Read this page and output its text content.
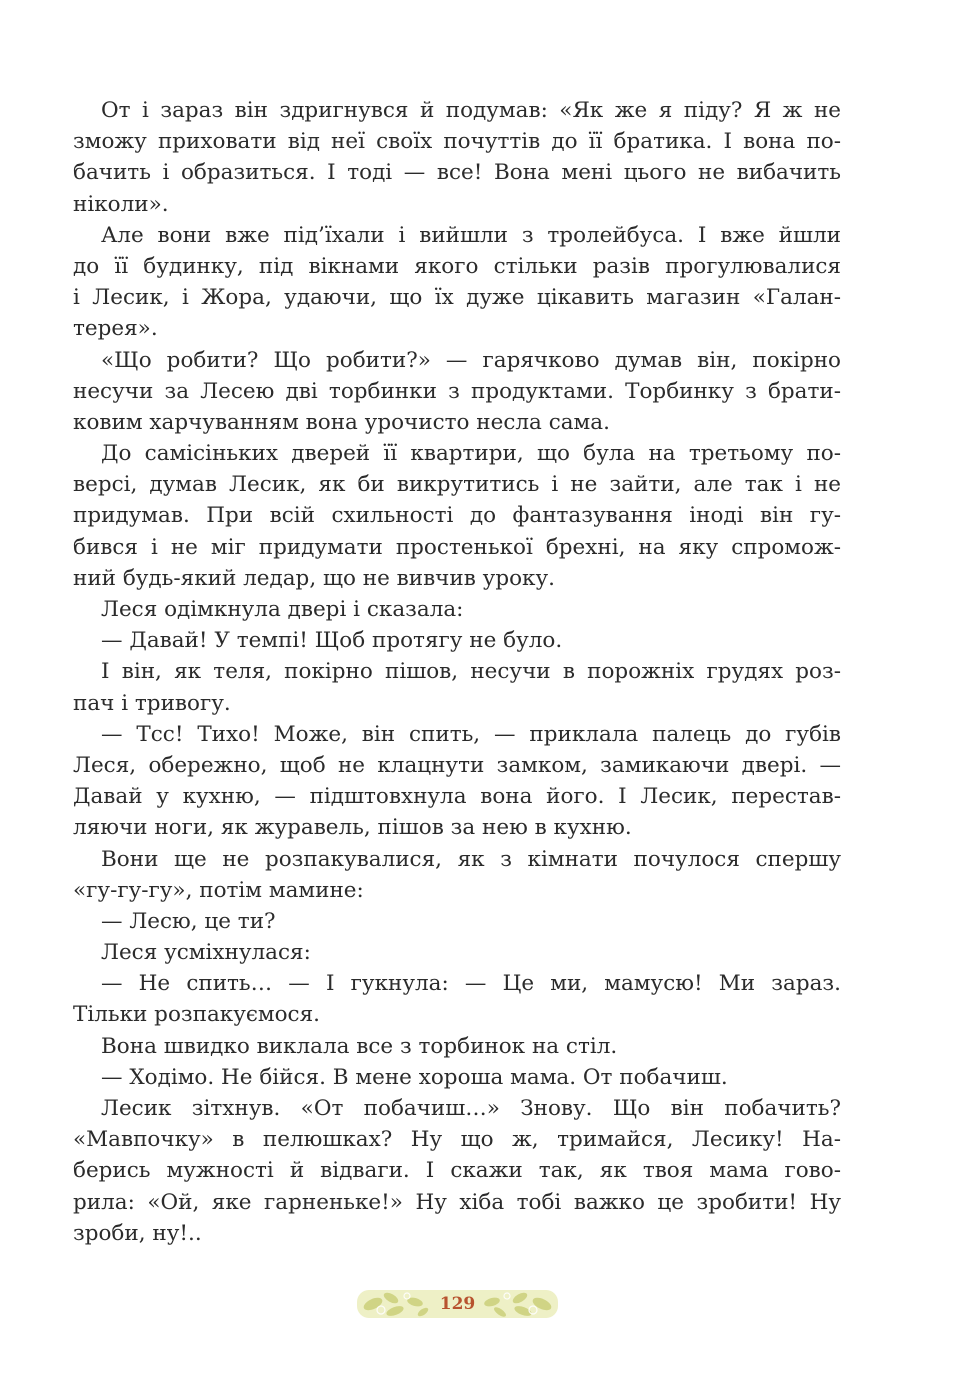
От і зараз він здригнувся й подумав: «Як же я піду? Я ж не
зможу приховати від неї своїх почуттів до її братика. І вона по-
бачить і образиться. І тоді — все! Вона мені цього не вибачить
ніколи».
Але вони вже під’їхали і вийшли з тролейбуса. І вже йшли
до її будинку, під вікнами якого стільки разів прогулювалися
і Лесик, і Жора, удаючи, що їх дуже цікавить магазин «Галан-
терея».
«Що робити? Що робити?» — гарячково думав він, покірно
несучи за Лесею дві торбинки з продуктами. Торбинку з брати-
ковим харчуванням вона урочисто несла сама.
До самісіньких дверей її квартири, що була на третьому по-
версі, думав Лесик, як би викрутитись і не зайти, але так і не
придумав. При всій схильності до фантазування іноді він гу-
бився і не міг придумати простенької брехні, на яку спромож-
ний будь-який ледар, що не вивчив уроку.
Леся одімкнула двері і сказала:
— Давай! У темпі! Щоб протягу не було.
І він, як теля, покірно пішов, несучи в порожніх грудях роз-
пач і тривогу.
— Тсс! Тихо! Може, він спить, — приклала палець до губів
Леся, обережно, щоб не клацнути замком, замикаючи двері. —
Давай у кухню, — підштовхнула вона його. І Лесик, перестав-
ляючи ноги, як журавель, пішов за нею в кухню.
Вони ще не розпакувалися, як з кімнати почулося спершу
«гу-гу-гу», потім мамине:
— Лесю, це ти?
Леся усміхнулася:
— Не спить… — І гукнула: — Це ми, мамусю! Ми зараз.
Тільки розпакуємося.
Вона швидко виклала все з торбинок на стіл.
— Ходімо. Не бійся. В мене хороша мама. От побачиш.
Лесик зітхнув. «От побачиш…» Знову. Що він побачить?
«Мавпочку» в пелюшках? Ну що ж, тримайся, Лесику! На-
берись мужності й відваги. І скажи так, як твоя мама гово-
рила: «Ой, яке гарненьке!» Ну хіба тобі важко це зробити! Ну
зроби, ну!..
129
